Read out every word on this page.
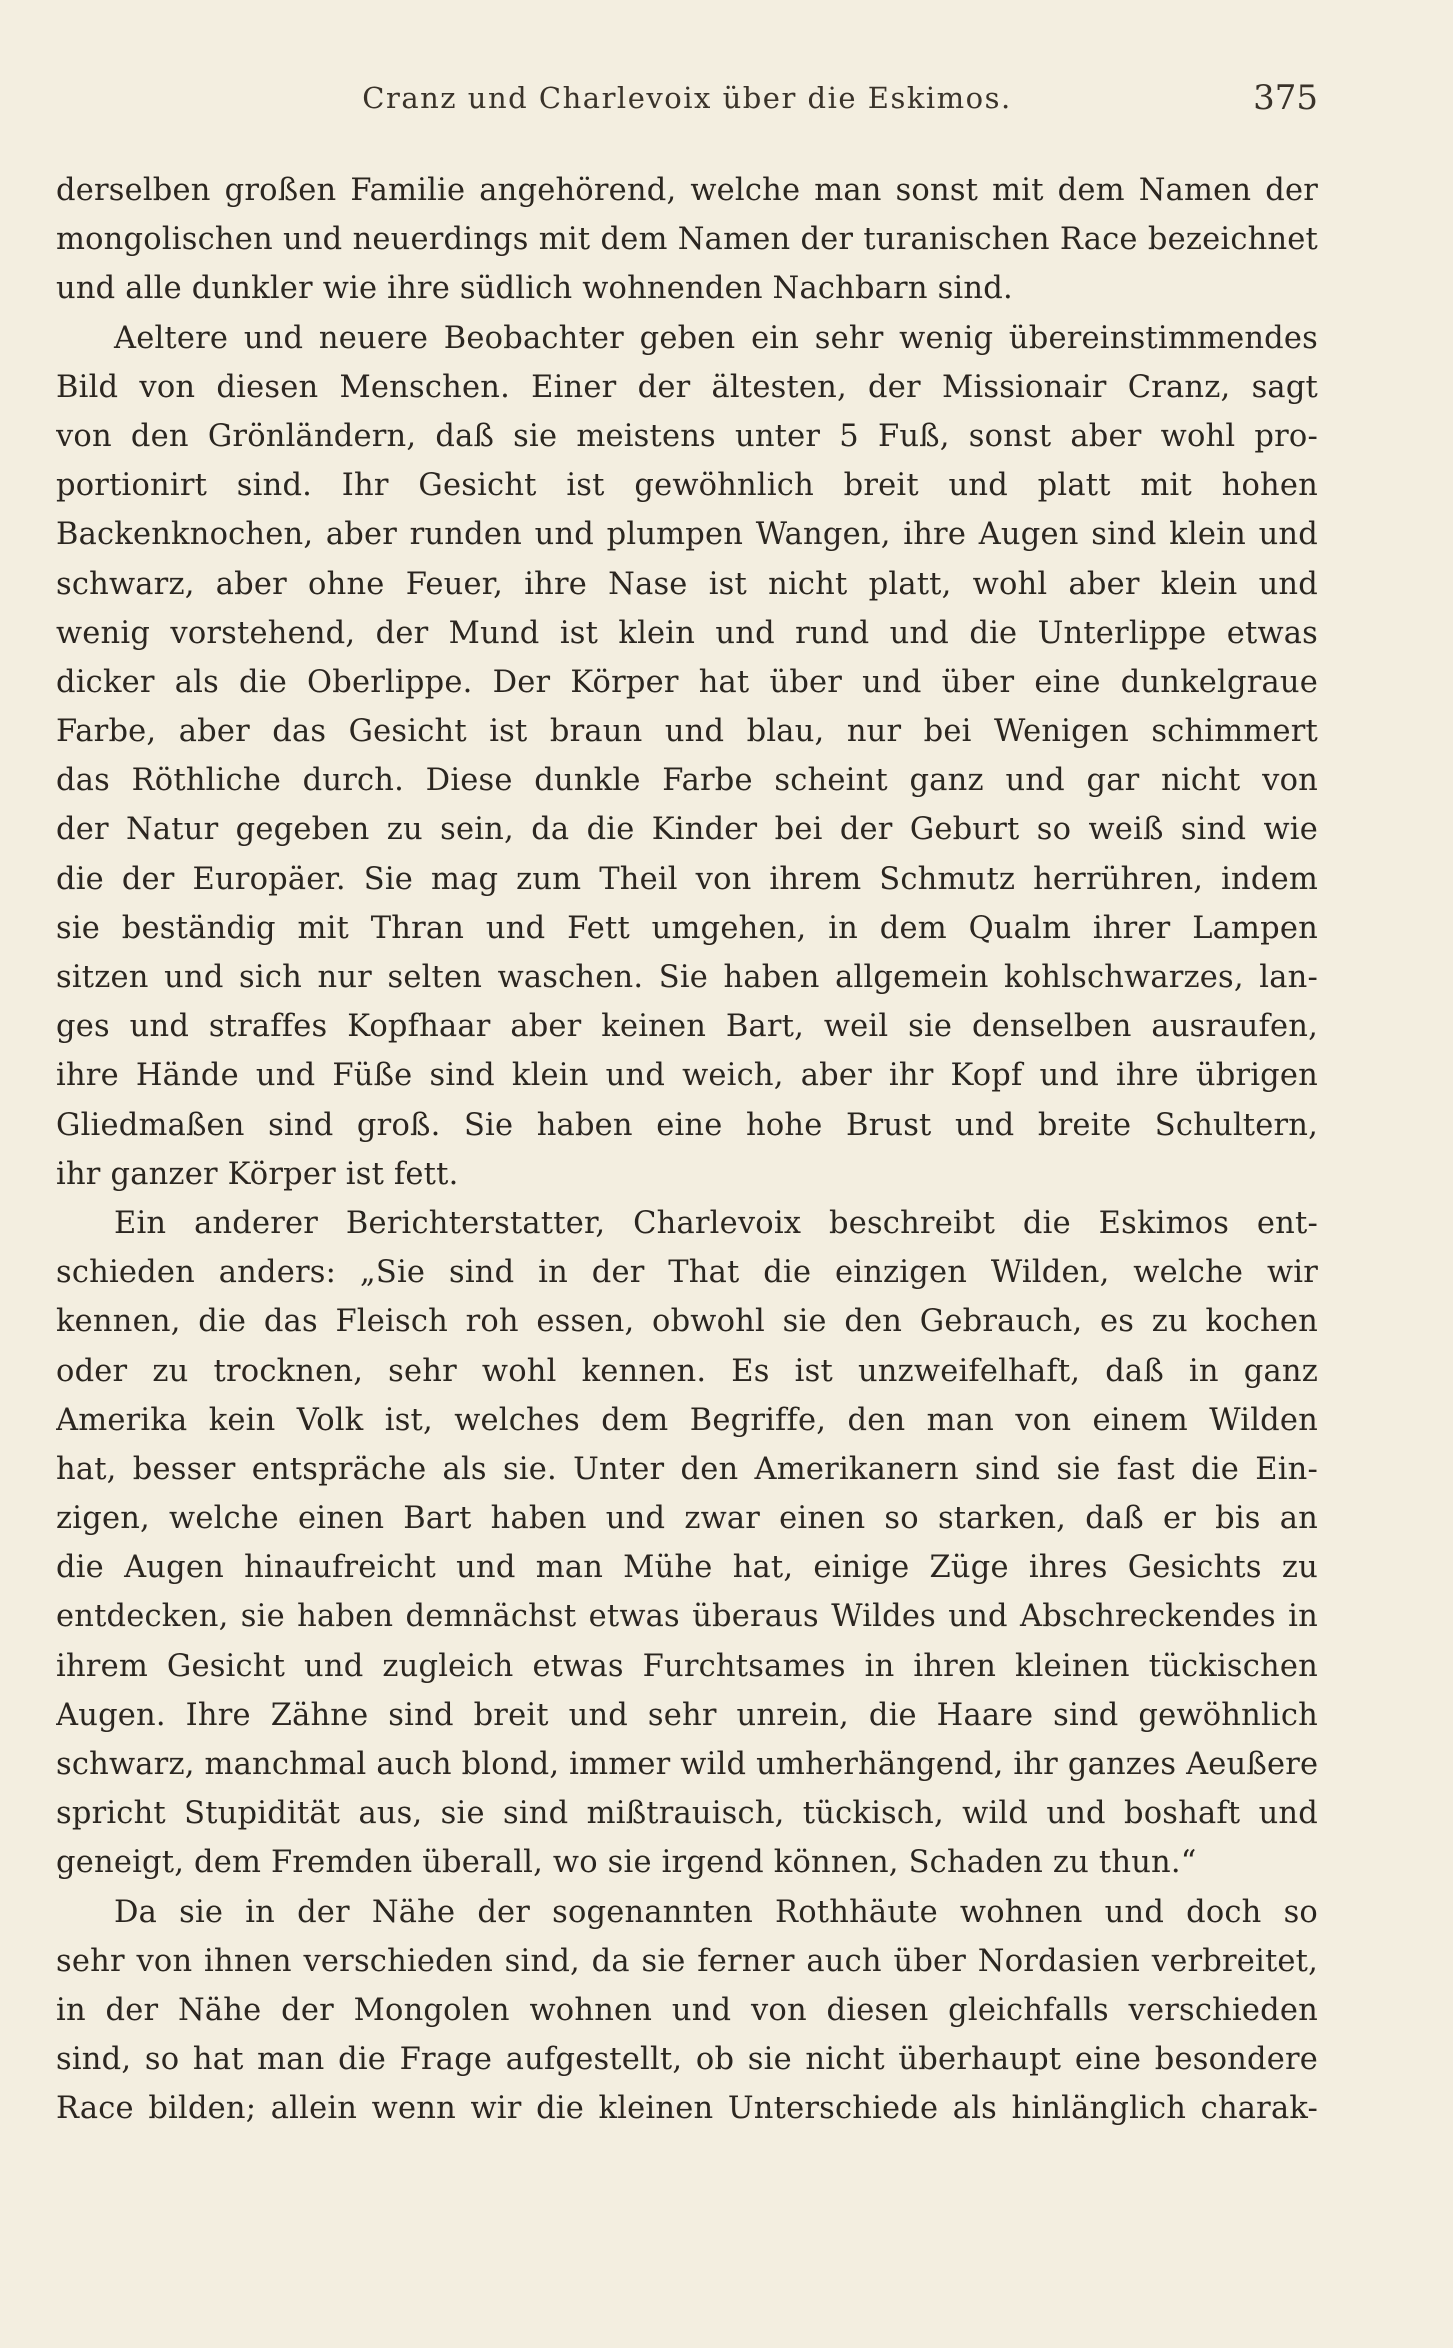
Cranz und Charlevoix über die Eskimos.	375
derselben großen Familie angehörend, welche man sonst mit dem Namen der
mongolischen und neuerdings mit dem Namen der turanischen Race bezeichnet
und alle dunkler wie ihre südlich wohnenden Nachbarn sind.
Aeltere und neuere Beobachter geben ein sehr wenig übereinstimmendes
Bild von diesen Menschen. Einer der ältesten, der Missionair Cranz, sagt
von den Grönländern, daß sie meistens unter 5 Fuß, sonst aber wohl pro-
portionirt sind. Ihr Gesicht ist gewöhnlich breit und platt mit hohen
Backenknochen, aber runden und plumpen Wangen, ihre Augen sind klein und
schwarz, aber ohne Feuer, ihre Nase ist nicht platt, wohl aber klein und
wenig vorstehend, der Mund ist klein und rund und die Unterlippe etwas
dicker als die Oberlippe. Der Körper hat über und über eine dunkelgraue
Farbe, aber das Gesicht ist braun und blau, nur bei Wenigen schimmert
das Röthliche durch. Diese dunkle Farbe scheint ganz und gar nicht von
der Natur gegeben zu sein, da die Kinder bei der Geburt so weiß sind wie
die der Europäer. Sie mag zum Theil von ihrem Schmutz herrühren, indem
sie beständig mit Thran und Fett umgehen, in dem Qualm ihrer Lampen
sitzen und sich nur selten waschen. Sie haben allgemein kohlschwarzes, lan-
ges und straffes Kopfhaar aber keinen Bart, weil sie denselben ausraufen,
ihre Hände und Füße sind klein und weich, aber ihr Kopf und ihre übrigen
Gliedmaßen sind groß. Sie haben eine hohe Brust und breite Schultern,
ihr ganzer Körper ist fett.
Ein anderer Berichterstatter, Charlevoix beschreibt die Eskimos ent-
schieden anders: „Sie sind in der That die einzigen Wilden, welche wir
kennen, die das Fleisch roh essen, obwohl sie den Gebrauch, es zu kochen
oder zu trocknen, sehr wohl kennen. Es ist unzweifelhaft, daß in ganz
Amerika kein Volk ist, welches dem Begriffe, den man von einem Wilden
hat, besser entspräche als sie. Unter den Amerikanern sind sie fast die Ein-
zigen, welche einen Bart haben und zwar einen so starken, daß er bis an
die Augen hinaufreicht und man Mühe hat, einige Züge ihres Gesichts zu
entdecken, sie haben demnächst etwas überaus Wildes und Abschreckendes in
ihrem Gesicht und zugleich etwas Furchtsames in ihren kleinen tückischen
Augen. Ihre Zähne sind breit und sehr unrein, die Haare sind gewöhnlich
schwarz, manchmal auch blond, immer wild umherhängend, ihr ganzes Aeußere
spricht Stupidität aus, sie sind mißtrauisch, tückisch, wild und boshaft und
geneigt, dem Fremden überall, wo sie irgend können, Schaden zu thun.“
Da sie in der Nähe der sogenannten Rothhäute wohnen und doch so
sehr von ihnen verschieden sind, da sie ferner auch über Nordasien verbreitet,
in der Nähe der Mongolen wohnen und von diesen gleichfalls verschieden
sind, so hat man die Frage aufgestellt, ob sie nicht überhaupt eine besondere
Race bilden; allein wenn wir die kleinen Unterschiede als hinlänglich charak-
